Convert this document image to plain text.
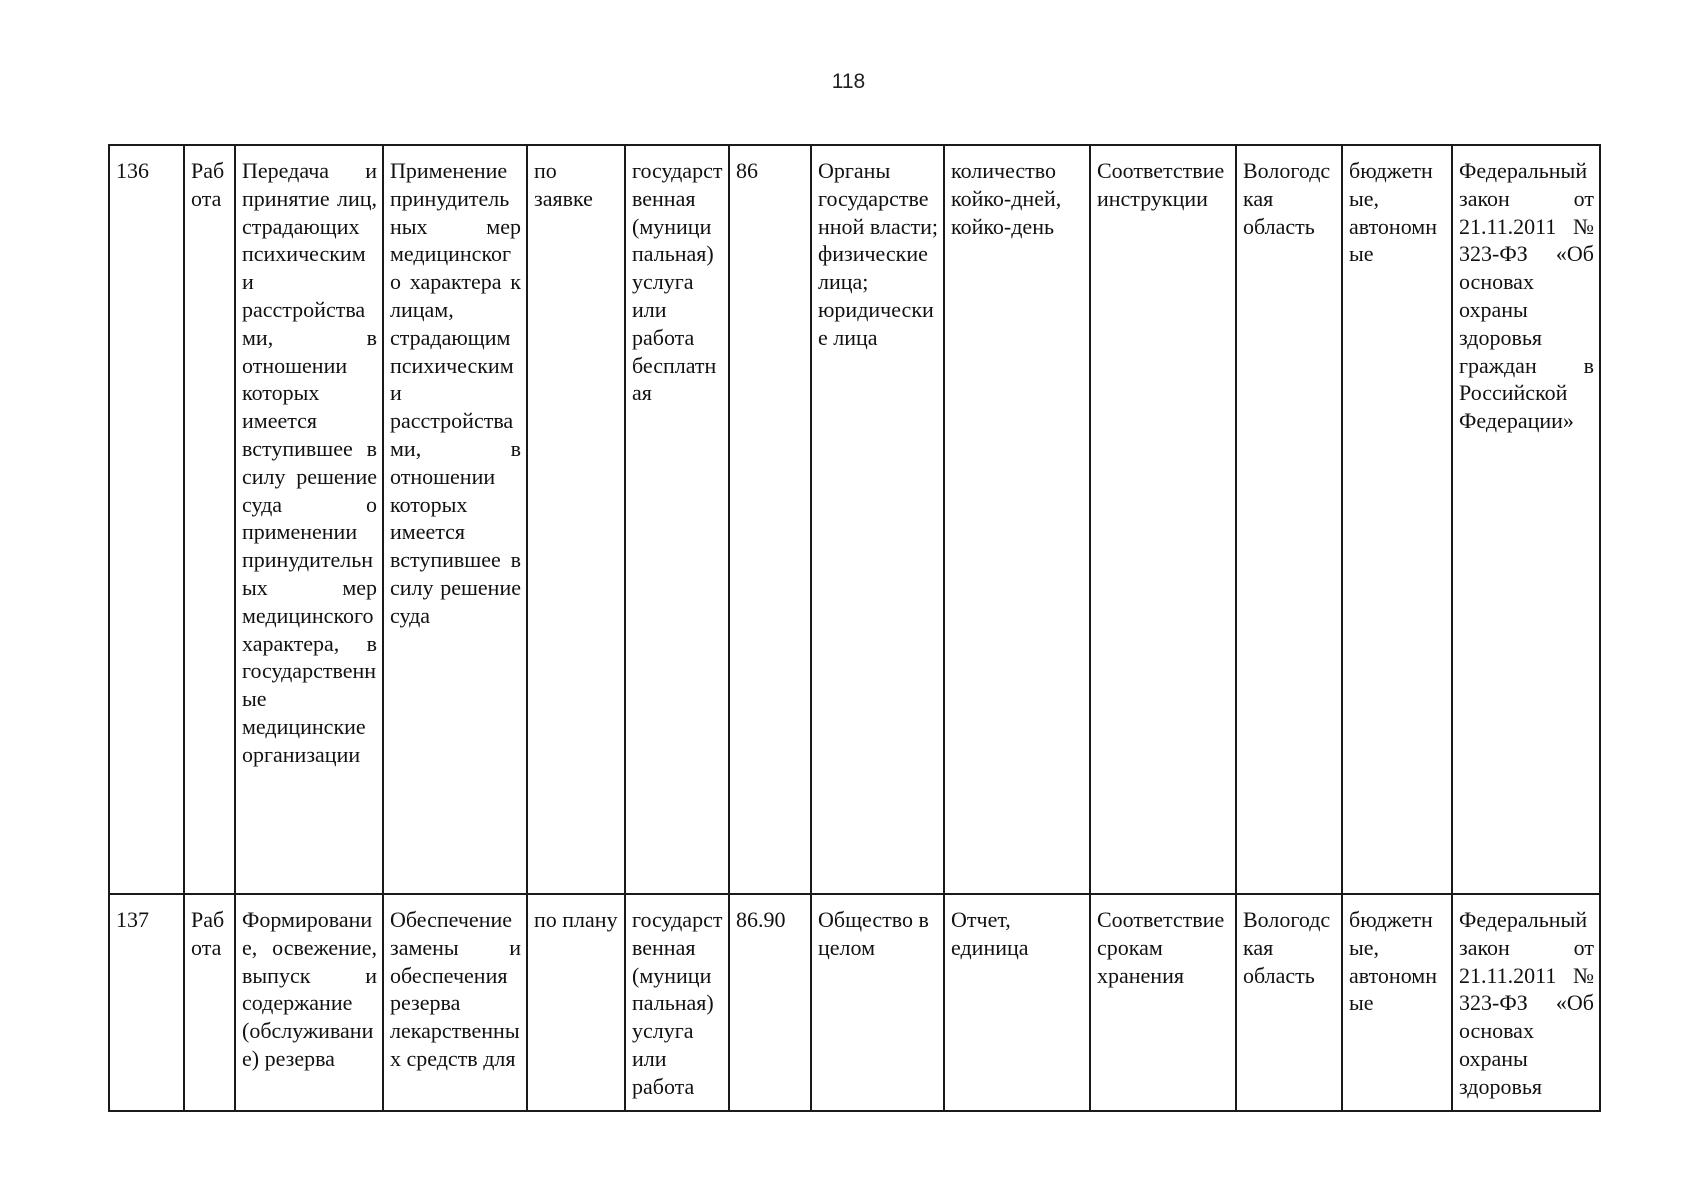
118
136	Работа	Передача и принятие лиц, страдающих психическими расстройствами, в отношении которых имеется вступившее в силу решение суда о применении принудительных мер медицинского характера, в государственные медицинские организации	Применение принудительных мер медицинского характера к лицам, страдающим психическими расстройствами, в отношении которых имеется вступившее в силу решение суда	по заявке	государственная (муниципальная) услуга или работа бесплатная	86	Органы государственной власти; физические лица; юридические лица	количество койко-дней, койко-день	Соответствие инструкции	Вологодская область	бюджетные, автономные	Федеральный закон от 21.11.2011 № 323-ФЗ «Об основах охраны здоровья граждан в Российской Федерации»
137	Работа	Формирование, освежение, выпуск и содержание (обслуживание) резерва	Обеспечение замены и обеспечения резерва лекарственных средств для	по плану	государственная (муниципальная) услуга или работа	86.90	Общество в целом	Отчет, единица	Соответствие срокам хранения	Вологодская область	бюджетные, автономные	Федеральный закон от 21.11.2011 № 323-ФЗ «Об основах охраны здоровья
